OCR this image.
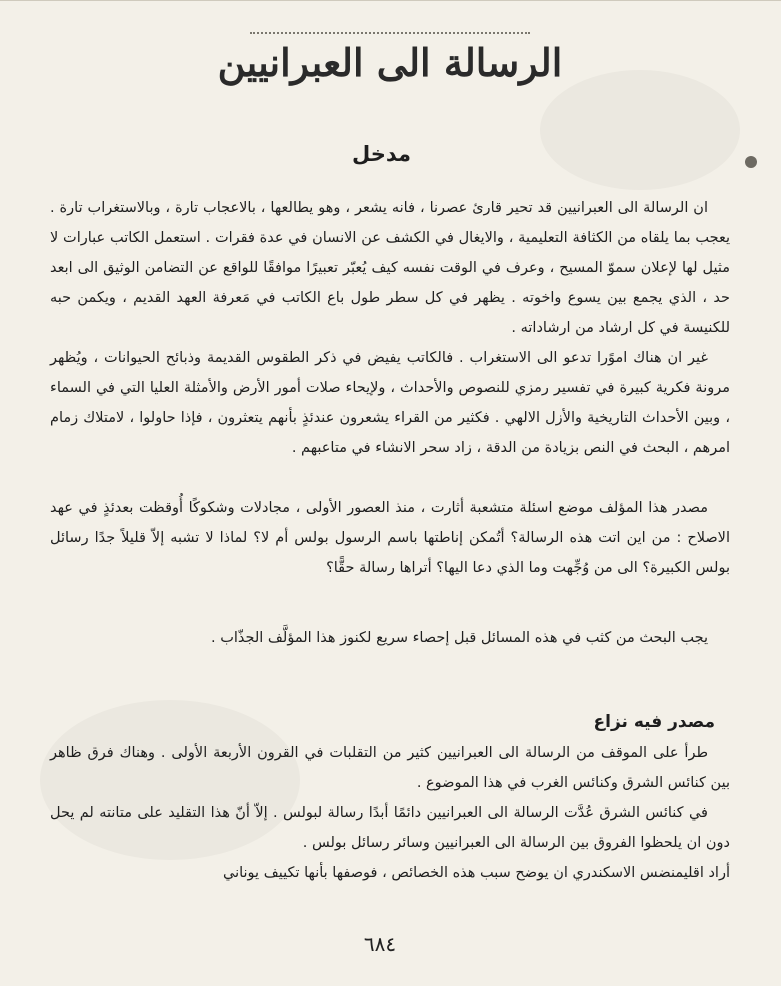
الرسالة الى العبرانيين
مدخل
ان الرسالة الى العبرانيين قد تحير قارئ عصرنا ، فانه يشعر ، وهو يطالعها ، بالاعجاب تارة ، وبالاستغراب تارة . يعجب بما يلقاه من الكثافة التعليمية ، والايغال في الكشف عن الانسان في عدة فقرات . استعمل الكاتب عبارات لا مثيل لها لإعلان سموّ المسيح ، وعرف في الوقت نفسه كيف يُعبّر تعبيرًا موافقًا للواقع عن التضامن الوثيق الى ابعد حد ، الذي يجمع بين يسوع واخوته . يظهر في كل سطر طول باع الكاتب في مَعرفة العهد القديم ، ويكمن حبه للكنيسة في كل ارشاد من ارشاداته .
غير ان هناك اموًرا تدعو الى الاستغراب . فالكاتب يفيض في ذكر الطقوس القديمة وذبائح الحيوانات ، ويُظهر مرونة فكرية كبيرة في تفسير رمزي للنصوص والأحداث ، ولإيحاء صلات أمور الأرض والأمثلة العليا التي في السماء ، وبين الأحداث التاريخية والأزل الالهي . فكثير من القراء يشعرون عندئذٍ بأنهم يتعثرون ، فإذا حاولوا ، لامتلاك زمام امرهم ، البحث في النص بزيادة من الدقة ، زاد سحر الانشاء في متاعبهم .
مصدر هذا المؤلف موضع اسئلة متشعبة أثارت ، منذ العصور الأولى ، مجادلات وشكوكًا أُوقظت بعدئذٍ في عهد الاصلاح : من اين اتت هذه الرسالة؟ أتُمكن إناطتها باسم الرسول بولس أم لا؟ لماذا لا تشبه إلاّ قليلاً جدًا رسائل بولس الكبيرة؟ الى من وُجِّهت وما الذي دعا اليها؟ أتراها رسالة حقًّا؟
يجب البحث من كثب في هذه المسائل قبل إحصاء سريع لكنوز هذا المؤلَّف الجذّاب .
مصدر فيه نزاع
طرأ على الموقف من الرسالة الى العبرانيين كثير من التقلبات في القرون الأربعة الأولى . وهناك فرق ظاهر بين كنائس الشرق وكنائس الغرب في هذا الموضوع .
في كنائس الشرق عُدَّت الرسالة الى العبرانيين دائمًا أبدًا رسالة لبولس . إلاّ أنّ هذا التقليد على متانته لم يحل دون ان يلحظوا الفروق بين الرسالة الى العبرانيين وسائر رسائل بولس .
أراد اقليمنضس الاسكندري ان يوضح سبب هذه الخصائص ، فوصفها بأنها تكييف يوناني
٦٨٤
